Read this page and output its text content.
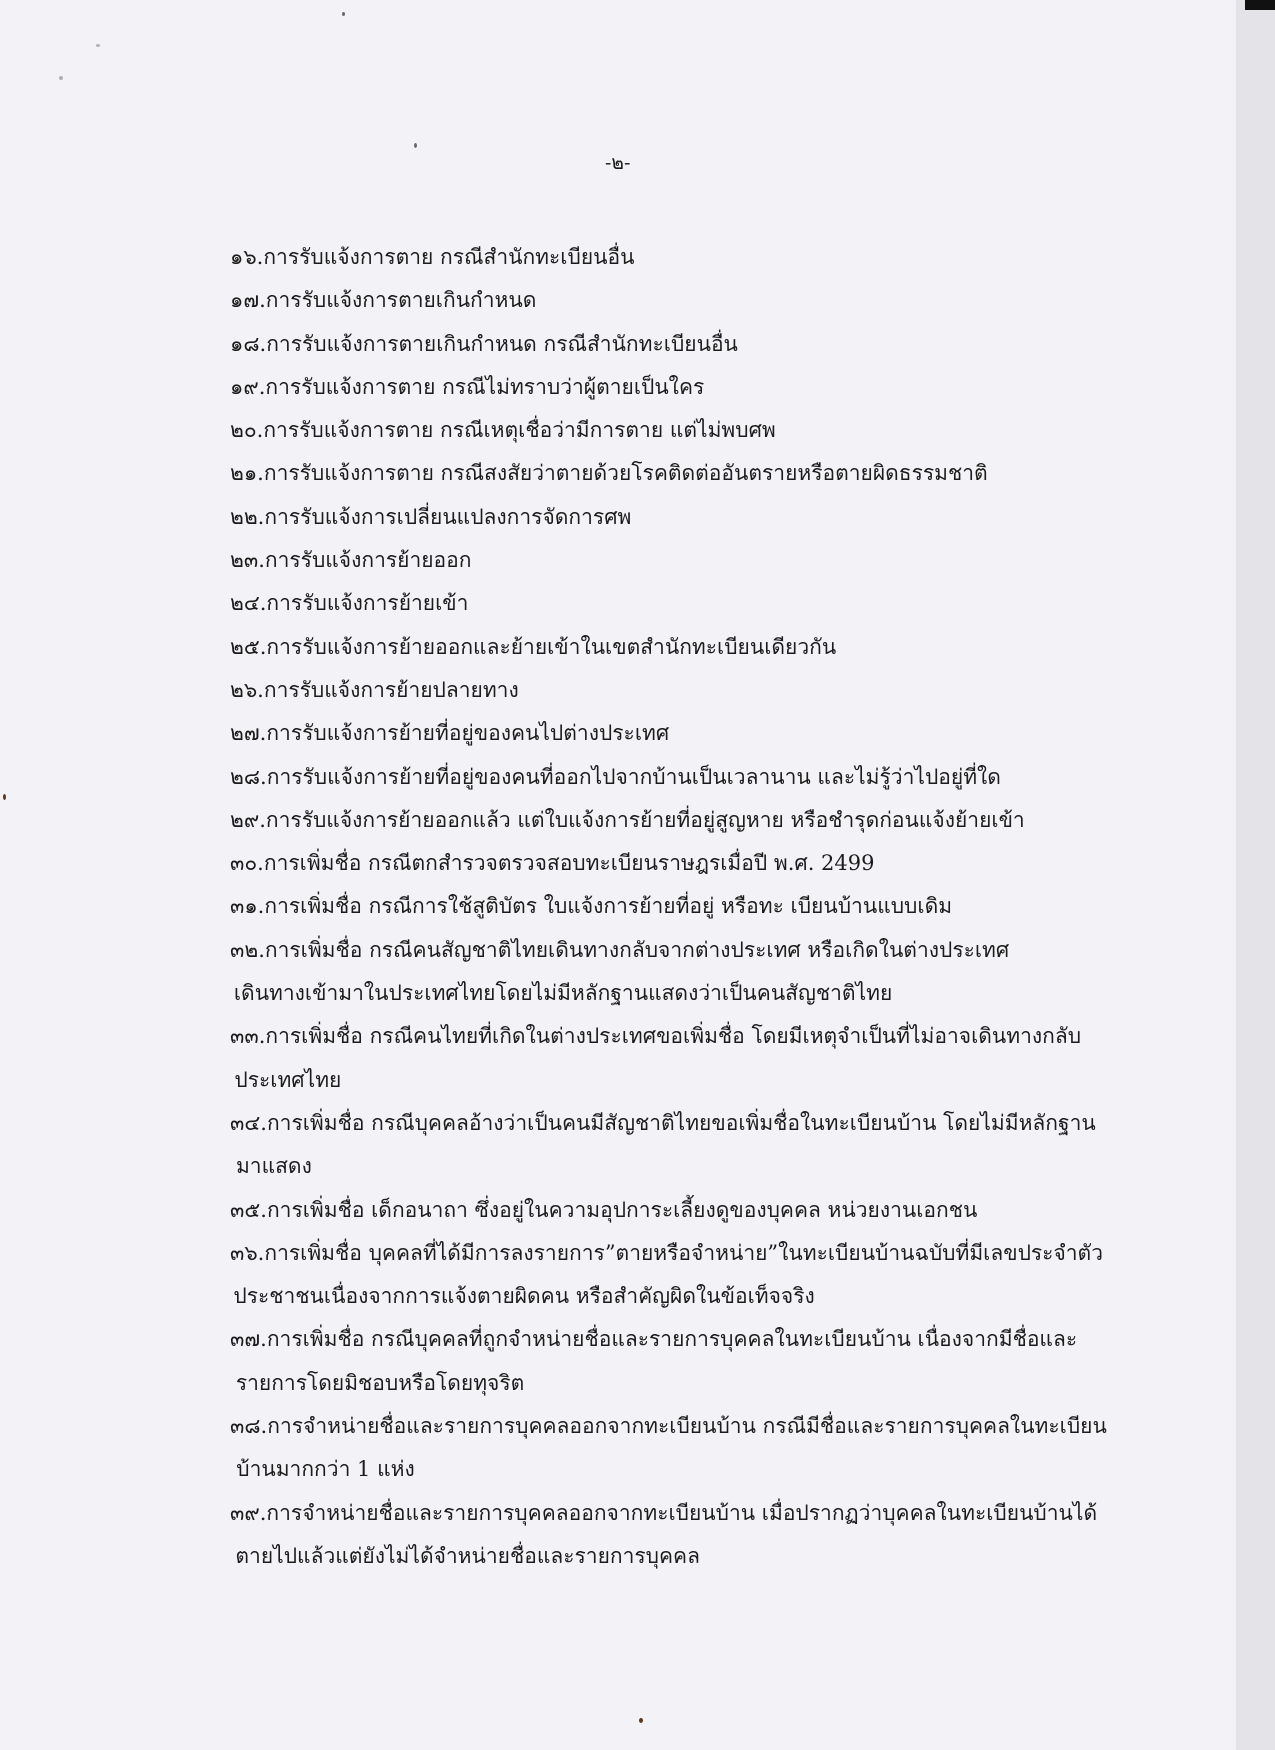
-๒-

๑๖. การรับแจ้งการตาย กรณีสำนักทะเบียนอื่น
๑๗. การรับแจ้งการตายเกินกำหนด
๑๘. การรับแจ้งการตายเกินกำหนด กรณีสำนักทะเบียนอื่น
๑๙. การรับแจ้งการตาย กรณีไม่ทราบว่าผู้ตายเป็นใคร
๒๐. การรับแจ้งการตาย กรณีเหตุเชื่อว่ามีการตาย แต่ไม่พบศพ
๒๑. การรับแจ้งการตาย กรณีสงสัยว่าตายด้วยโรคติดต่ออันตรายหรือตายผิดธรรมชาติ
๒๒. การรับแจ้งการเปลี่ยนแปลงการจัดการศพ
๒๓. การรับแจ้งการย้ายออก
๒๔. การรับแจ้งการย้ายเข้า
๒๕. การรับแจ้งการย้ายออกและย้ายเข้าในเขตสำนักทะเบียนเดียวกัน
๒๖. การรับแจ้งการย้ายปลายทาง
๒๗. การรับแจ้งการย้ายที่อยู่ของคนไปต่างประเทศ
๒๘. การรับแจ้งการย้ายที่อยู่ของคนที่ออกไปจากบ้านเป็นเวลานาน และไม่รู้ว่าไปอยู่ที่ใด
๒๙. การรับแจ้งการย้ายออกแล้ว แต่ใบแจ้งการย้ายที่อยู่สูญหาย หรือชำรุดก่อนแจ้งย้ายเข้า
๓๐. การเพิ่มชื่อ กรณีตกสำรวจตรวจสอบทะเบียนราษฎรเมื่อปี พ.ศ. 2499
๓๑. การเพิ่มชื่อ กรณีการใช้สูติบัตร ใบแจ้งการย้ายที่อยู่ หรือทะ เบียนบ้านแบบเดิม
๓๒. การเพิ่มชื่อ กรณีคนสัญชาติไทยเดินทางกลับจากต่างประเทศ หรือเกิดในต่างประเทศ
เดินทางเข้ามาในประเทศไทยโดยไม่มีหลักฐานแสดงว่าเป็นคนสัญชาติไทย
๓๓. การเพิ่มชื่อ กรณีคนไทยที่เกิดในต่างประเทศขอเพิ่มชื่อ โดยมีเหตุจำเป็นที่ไม่อาจเดินทางกลับ
ประเทศไทย
๓๔. การเพิ่มชื่อ กรณีบุคคลอ้างว่าเป็นคนมีสัญชาติไทยขอเพิ่มชื่อในทะเบียนบ้าน โดยไม่มีหลักฐาน
มาแสดง
๓๕. การเพิ่มชื่อ เด็กอนาถา ซึ่งอยู่ในความอุปการะเลี้ยงดูของบุคคล หน่วยงานเอกชน
๓๖. การเพิ่มชื่อ บุคคลที่ได้มีการลงรายการ”ตายหรือจำหน่าย”ในทะเบียนบ้านฉบับที่มีเลขประจำตัว
ประชาชนเนื่องจากการแจ้งตายผิดคน หรือสำคัญผิดในข้อเท็จจริง
๓๗. การเพิ่มชื่อ กรณีบุคคลที่ถูกจำหน่ายชื่อและรายการบุคคลในทะเบียนบ้าน เนื่องจากมีชื่อและ
รายการโดยมิชอบหรือโดยทุจริต
๓๘. การจำหน่ายชื่อและรายการบุคคลออกจากทะเบียนบ้าน กรณีมีชื่อและรายการบุคคลในทะเบียน
บ้านมากกว่า 1 แห่ง
๓๙. การจำหน่ายชื่อและรายการบุคคลออกจากทะเบียนบ้าน เมื่อปรากฏว่าบุคคลในทะเบียนบ้านได้
ตายไปแล้วแต่ยังไม่ได้จำหน่ายชื่อและรายการบุคคล
